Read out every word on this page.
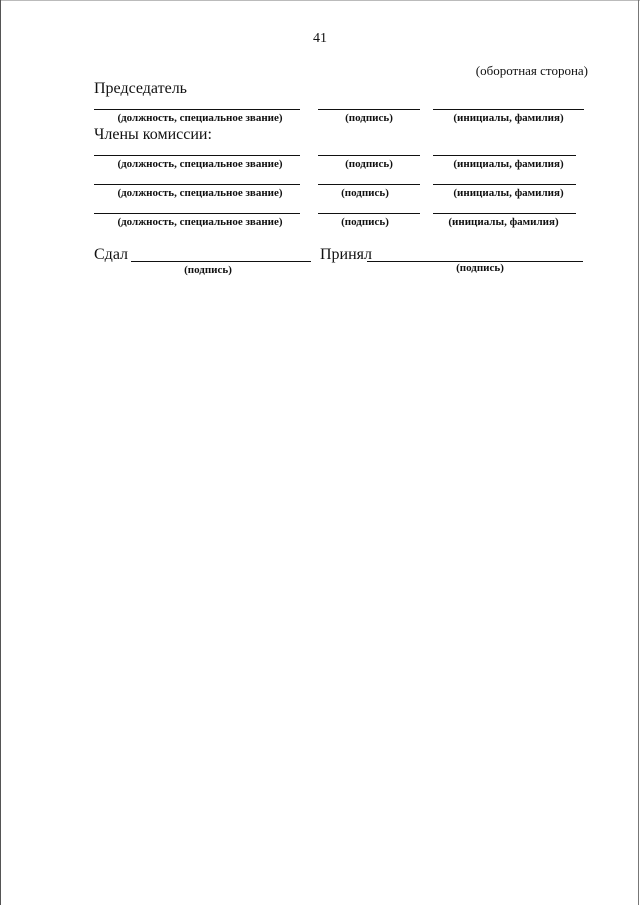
41
(оборотная сторона)
Председатель
(должность, специальное звание)	(подпись)	(инициалы, фамилия)
Члены комиссии:
(должность, специальное звание)	(подпись)	(инициалы, фамилия)
(должность, специальное звание)	(подпись)	(инициалы, фамилия)
(должность, специальное звание)	(подпись)	(инициалы, фамилия)
Сдал
(подпись)
Принял
(подпись)
